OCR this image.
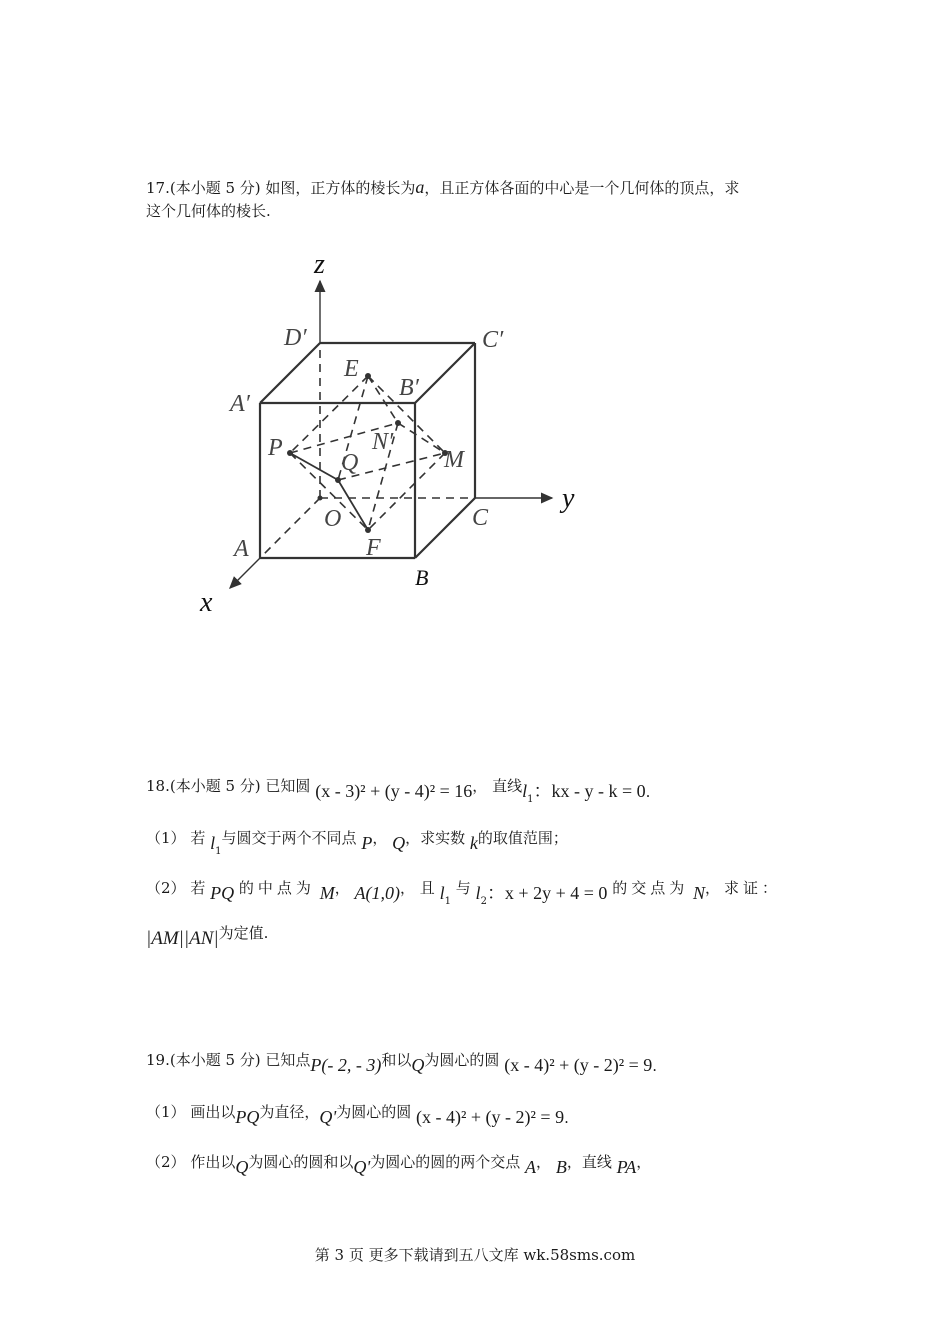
17.(本小题 5 分) 如图，正方体的棱长为a，且正方体各面的中心是一个几何体的顶点，求
这个几何体的棱长.
z
y
x
D′	C′
A′
B′
E
P	N′
Q	M
O	C
F
A
B
18.(本小题 5 分) 已知圆 (x - 3)² + (y - 4)² = 16， 直线$l_1$：kx - y - k = 0.
（1） 若 $l_1$与圆交于两个不同点 P， Q，求实数 k的取值范围；
（2） 若 PQ 的中点为 M， A(1,0)， 且 $l_1$ 与 $l_2$：x + 2y + 4 = 0 的交点为 N，求证：
|AM||AN|为定值.
19.(本小题 5 分) 已知点P(- 2, - 3)和以Q为圆心的圆 (x - 4)² + (y - 2)² = 9.
（1） 画出以PQ为直径，Q'为圆心的圆 (x - 4)² + (y - 2)² = 9.
（2） 作出以Q为圆心的圆和以Q'为圆心的圆的两个交点 A， B，直线 PA，
第 3 页 更多下载请到五八文库 wk.58sms.com
